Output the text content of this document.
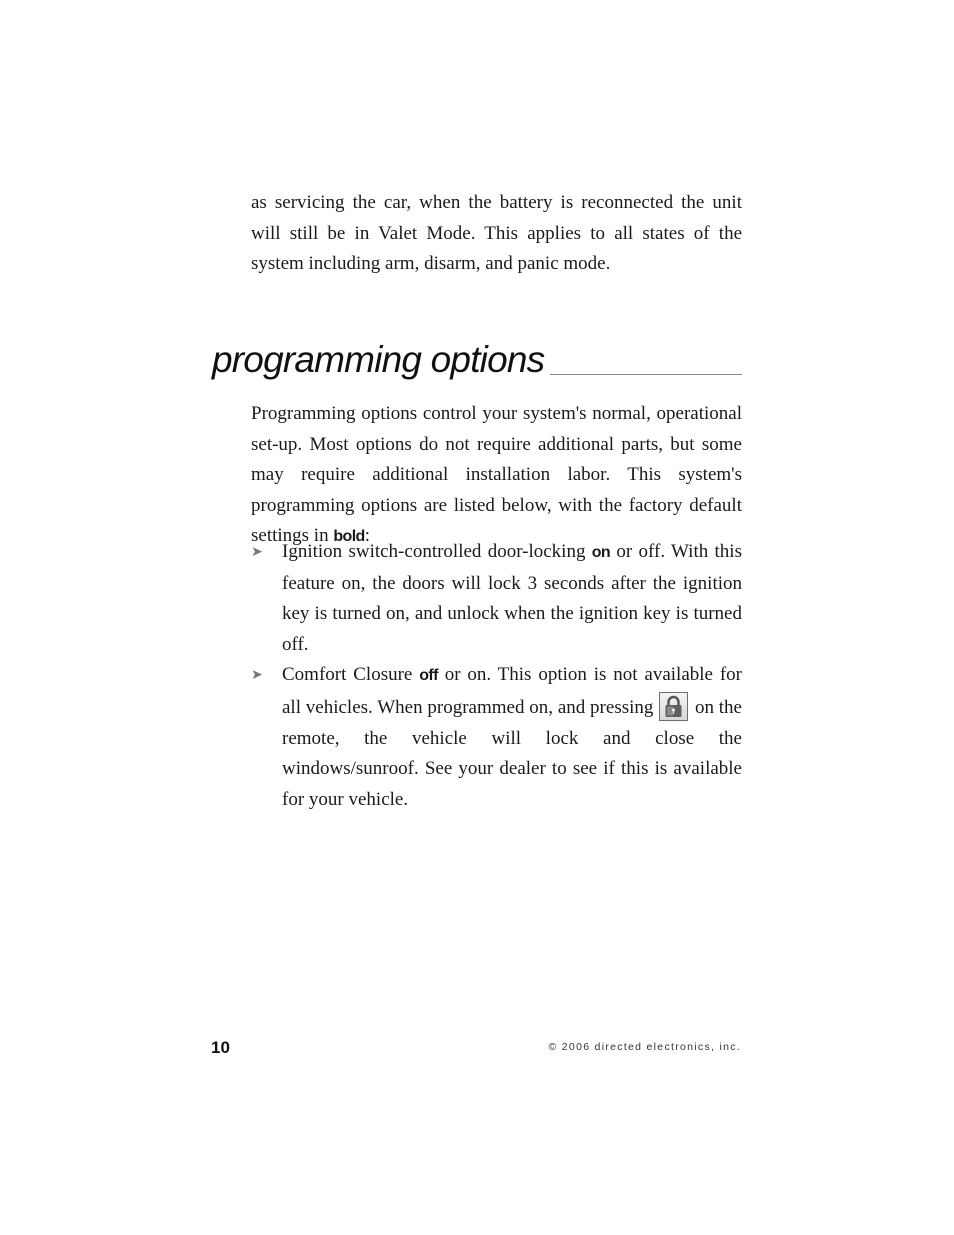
as servicing the car, when the battery is reconnected the unit will still be in Valet Mode. This applies to all states of the system including arm, disarm, and panic mode.

programming options

Programming options control your system's normal, operational set-up. Most options do not require additional parts, but some may require additional installation labor. This system's programming options are listed below, with the factory default settings in bold:

➤ Ignition switch-controlled door-locking on or off. With this feature on, the doors will lock 3 seconds after the ignition key is turned on, and unlock when the ignition key is turned off.
➤ Comfort Closure off or on. This option is not available for all vehicles. When programmed on, and pressing on the remote, the vehicle will lock and close the windows/sunroof. See your dealer to see if this is available for your vehicle.

10	© 2006 directed electronics, inc.
